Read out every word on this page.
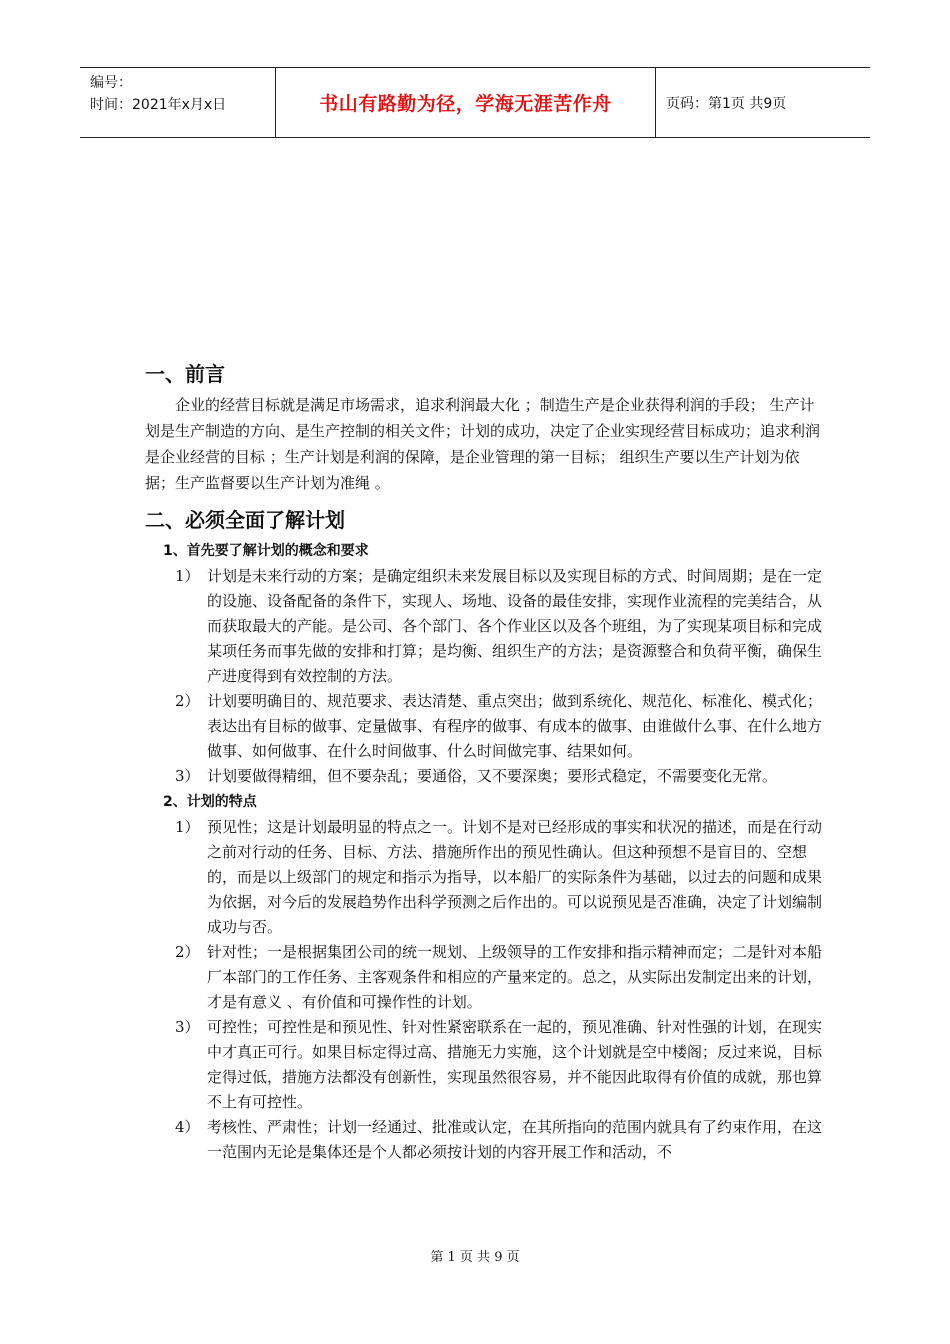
编号：
时间：2021年x月x日	书山有路勤为径，学海无涯苦作舟	页码：第1页 共9页
一、前言

企业的经营目标就是满足市场需求，追求利润最大化 ；制造生产是企业获得利润的手段； 生产计划是生产制造的方向、是生产控制的相关文件；计划的成功，决定了企业实现经营目标成功；追求利润是企业经营的目标 ；生产计划是利润的保障，是企业管理的第一目标； 组织生产要以生产计划为依据；生产监督要以生产计划为准绳 。

二、必须全面了解计划

1、首先要了解计划的概念和要求

1） 计划是未来行动的方案；是确定组织未来发展目标以及实现目标的方式、时间周期；是在一定的设施、设备配备的条件下，实现人、场地、设备的最佳安排，实现作业流程的完美结合，从而获取最大的产能。是公司、各个部门、各个作业区以及各个班组，为了实现某项目标和完成某项任务而事先做的安排和打算；是均衡、组织生产的方法；是资源整合和负荷平衡，确保生产进度得到有效控制的方法。
2） 计划要明确目的、规范要求、表达清楚、重点突出；做到系统化、规范化、标准化、模式化；表达出有目标的做事、定量做事、有程序的做事、有成本的做事、由谁做什么事、在什么地方做事、如何做事、在什么时间做事、什么时间做完事、结果如何。
3） 计划要做得精细，但不要杂乱；要通俗，又不要深奥；要形式稳定，不需要变化无常。

2、计划的特点

1） 预见性；这是计划最明显的特点之一。计划不是对已经形成的事实和状况的描述，而是在行动之前对行动的任务、目标、方法、措施所作出的预见性确认。但这种预想不是盲目的、空想的，而是以上级部门的规定和指示为指导，以本船厂的实际条件为基础，以过去的问题和成果为依据，对今后的发展趋势作出科学预测之后作出的。可以说预见是否准确，决定了计划编制成功与否。
2） 针对性；一是根据集团公司的统一规划、上级领导的工作安排和指示精神而定；二是针对本船厂本部门的工作任务、主客观条件和相应的产量来定的。总之，从实际出发制定出来的计划，才是有意义 、有价值和可操作性的计划。
3） 可控性；可控性是和预见性、针对性紧密联系在一起的，预见准确、针对性强的计划，在现实中才真正可行。如果目标定得过高、措施无力实施，这个计划就是空中楼阁；反过来说，目标定得过低，措施方法都没有创新性，实现虽然很容易，并不能因此取得有价值的成就，那也算不上有可控性。
4） 考核性、严肃性；计划一经通过、批准或认定，在其所指向的范围内就具有了约束作用，在这一范围内无论是集体还是个人都必须按计划的内容开展工作和活动，不
第 1 页 共 9 页
